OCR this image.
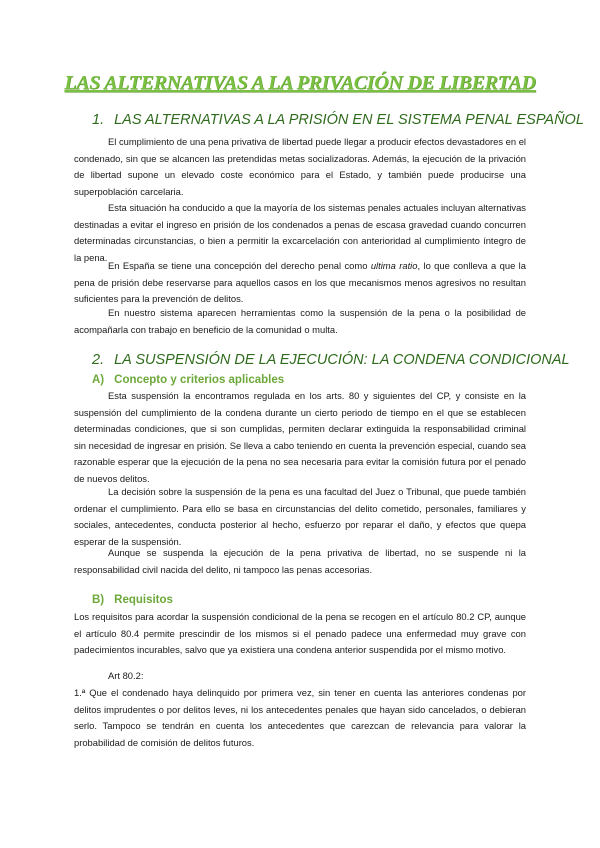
LAS ALTERNATIVAS A LA PRIVACIÓN DE LIBERTAD
1. LAS ALTERNATIVAS A LA PRISIÓN EN EL SISTEMA PENAL ESPAÑOL

El cumplimiento de una pena privativa de libertad puede llegar a producir efectos devastadores en el condenado, sin que se alcancen las pretendidas metas socializadoras. Además, la ejecución de la privación de libertad supone un elevado coste económico para el Estado, y también puede producirse una superpoblación carcelaria.

Esta situación ha conducido a que la mayoría de los sistemas penales actuales incluyan alternativas destinadas a evitar el ingreso en prisión de los condenados a penas de escasa gravedad cuando concurren determinadas circunstancias, o bien a permitir la excarcelación con anterioridad al cumplimiento íntegro de la pena.

En España se tiene una concepción del derecho penal como ultima ratio, lo que conlleva a que la pena de prisión debe reservarse para aquellos casos en los que mecanismos menos agresivos no resultan suficientes para la prevención de delitos.

En nuestro sistema aparecen herramientas como la suspensión de la pena o la posibilidad de acompañarla con trabajo en beneficio de la comunidad o multa.

2. LA SUSPENSIÓN DE LA EJECUCIÓN: LA CONDENA CONDICIONAL
A) Concepto y criterios aplicables

Esta suspensión la encontramos regulada en los arts. 80 y siguientes del CP, y consiste en la suspensión del cumplimiento de la condena durante un cierto periodo de tiempo en el que se establecen determinadas condiciones, que si son cumplidas, permiten declarar extinguida la responsabilidad criminal sin necesidad de ingresar en prisión. Se lleva a cabo teniendo en cuenta la prevención especial, cuando sea razonable esperar que la ejecución de la pena no sea necesaria para evitar la comisión futura por el penado de nuevos delitos.

La decisión sobre la suspensión de la pena es una facultad del Juez o Tribunal, que puede también ordenar el cumplimiento. Para ello se basa en circunstancias del delito cometido, personales, familiares y sociales, antecedentes, conducta posterior al hecho, esfuerzo por reparar el daño, y efectos que quepa esperar de la suspensión.

Aunque se suspenda la ejecución de la pena privativa de libertad, no se suspende ni la responsabilidad civil nacida del delito, ni tampoco las penas accesorias.

B) Requisitos

Los requisitos para acordar la suspensión condicional de la pena se recogen en el artículo 80.2 CP, aunque el artículo 80.4 permite prescindir de los mismos si el penado padece una enfermedad muy grave con padecimientos incurables, salvo que ya existiera una condena anterior suspendida por el mismo motivo.

Art 80.2:

1.ª Que el condenado haya delinquido por primera vez, sin tener en cuenta las anteriores condenas por delitos imprudentes o por delitos leves, ni los antecedentes penales que hayan sido cancelados, o debieran serlo. Tampoco se tendrán en cuenta los antecedentes que carezcan de relevancia para valorar la probabilidad de comisión de delitos futuros.
